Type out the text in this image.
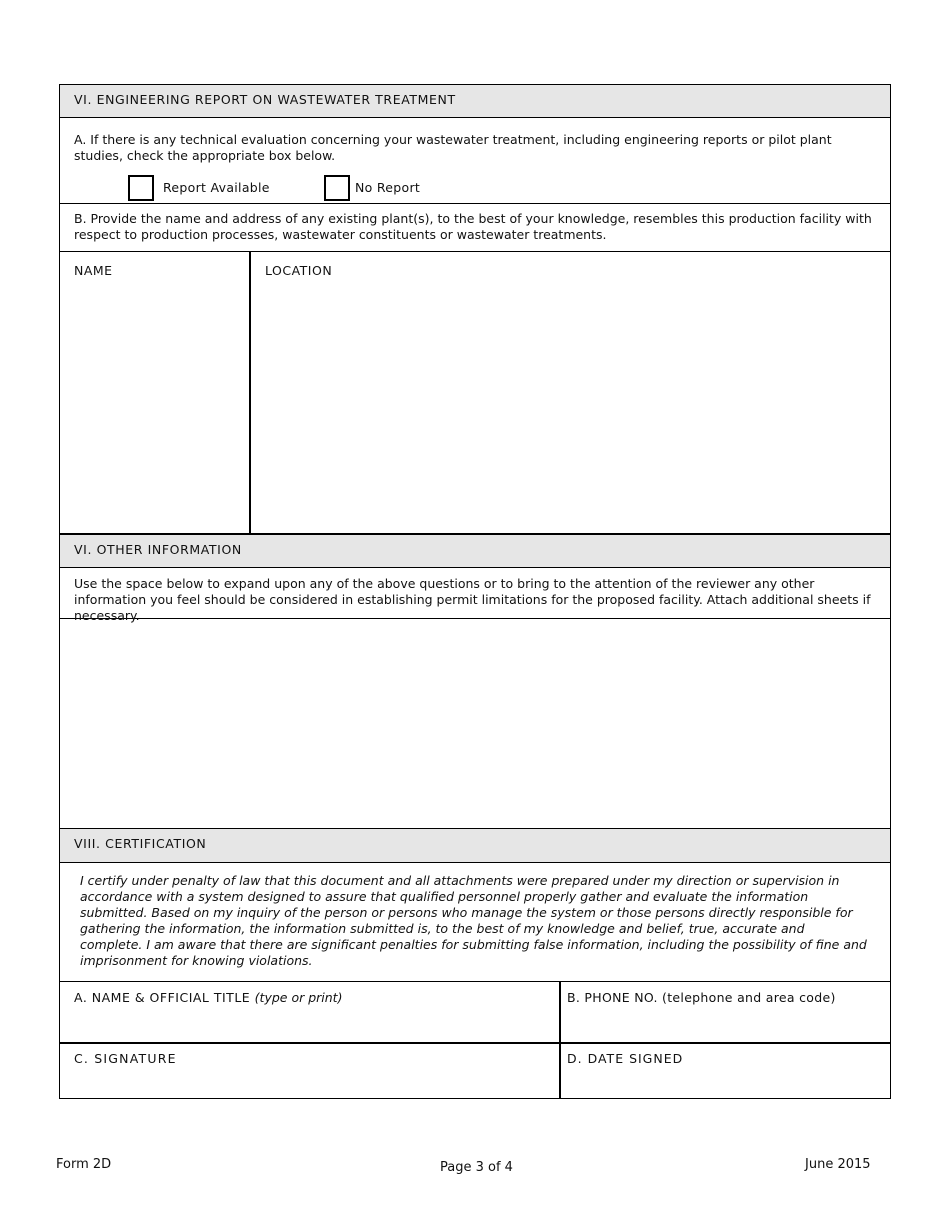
VI. ENGINEERING REPORT ON WASTEWATER TREATMENT
A. If there is any technical evaluation concerning your wastewater treatment, including engineering reports or pilot plant studies, check the appropriate box below.
Report Available	No Report
B. Provide the name and address of any existing plant(s), to the best of your knowledge, resembles this production facility with respect to production processes, wastewater constituents or wastewater treatments.
NAME	LOCATION
VI. OTHER INFORMATION
Use the space below to expand upon any of the above questions or to bring to the attention of the reviewer any other information you feel should be considered in establishing permit limitations for the proposed facility. Attach additional sheets if necessary.
VIII. CERTIFICATION
I certify under penalty of law that this document and all attachments were prepared under my direction or supervision in accordance with a system designed to assure that qualified personnel properly gather and evaluate the information submitted. Based on my inquiry of the person or persons who manage the system or those persons directly responsible for gathering the information, the information submitted is, to the best of my knowledge and belief, true, accurate and complete. I am aware that there are significant penalties for submitting false information, including the possibility of fine and imprisonment for knowing violations.
A. NAME & OFFICIAL TITLE (type or print)	B. PHONE NO. (telephone and area code)
C. SIGNATURE	D. DATE SIGNED
Form 2D	Page 3 of 4	June 2015
